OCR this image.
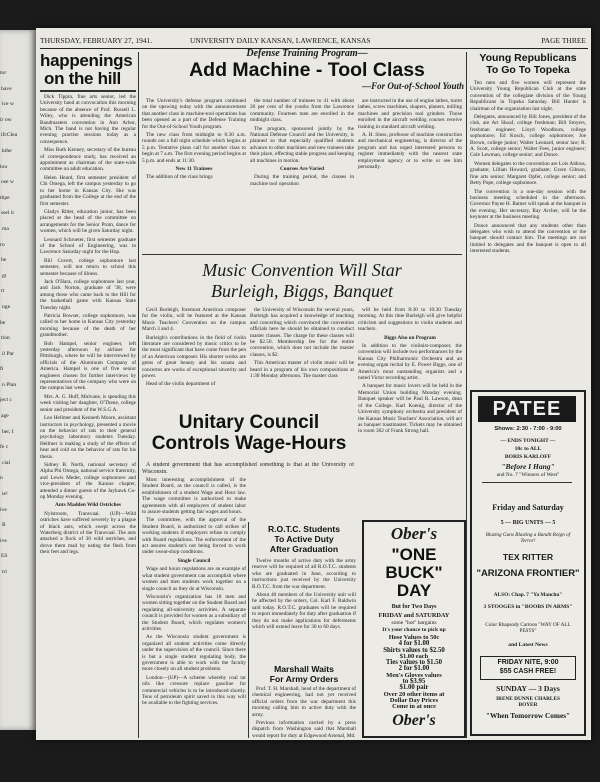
tor
have
ice w
ir ow
ifcClea
kthe
lou
ose w
thpe
ssel ir
ma
ro
be
gt
rt
nge
be
tion
il Par
fi
n Plan
ject c
age
ber, I
fe c
cial
n
ie!
ive
R
ive
ES
tri
THURSDAY, FEBRUARY 27, 1941.	UNIVERSITY DAILY KANSAN, LAWRENCE, KANSAS	PAGE THREE
happenings
on the hill

Dick Tippin, fine arts senior, led the University band at convocation this morning because of the absence of Prof. Russell L. Wiley, who is attending the American Bandmasters convention in Ann Arbor, Mich. The band is not having the regular evening practise sessions today as a consequence.

Miss Ruth Kenney, secretary of the bureau of correspondence study, has received an appointment as chairman of the state-wide committee on adult education.

Helen Heard, first semester president of Chi Omega, left the campus yesterday to go to her home in Kansas City. She was graduated from the College at the end of the first semester.

Gladys Ritter, education junior, has been placed at the head of the committee on arrangements for the Senior Prom, dance for women, which will be given Saturday night.

Leonard Schroeter, first semester graduate of the School of Engineering, was in Lawrence Saturday night for the Hop.

Bill Covert, college sophomore last semester, will not return to school this semester because of illness.

Jack O'Hara, college sophomore last year, and Jack Norton, graduate of '38, were among those who came back to the Hill for the basketball game with Kansas State Tuesday night.

Patricia Bowser, college sophomore, was called to her home in Kansas City yesterday morning because of the death of her grandmother.

Bob Hampel, senior engineer, left yesterday afternoon by airliner for Pittsburgh, where he will be interviewed by officials of the Aluminum Company of America. Hampel is one of five senior engineers chosen for further interviews by representatives of the company who were on the campus last week.

Mrs. A. G. Huff, Mulvane, is spending this week visiting her daughter, O'Thene, college senior and president of the W.S.G.A.

Leo Hellmer and Kenneth Moore, assistant instructors in psychology, presented a movie on the behavior of rats to their general psychology laboratory students Tuesday. Hellmer is making a study of the effects of heat and cold on the behavior of rats for his thesis.

Sidney B. North, national secretary of Alpha Phi Omega, national service fraternity, and Lewis Meder, college sophomore and vice-president of the Kansas chapter, attended a dinner guests of the Jayhawk Co-op Monday evening.

Ants Madden Wild Ostriches

Nylstroom, Transvaal. (UP)—Wild ostriches have suffered severely by a plague of black ants, which swept across the Waterberg district of the Transvaal. The ants attacked a flock of 30 wild ostriches, and drove them mad by eating the flesh from their feet and legs.

Defense Training Program—
Add Machine - Tool Class
—For Out-of-School Youth

The University's defense program continued on the upswing today with the announcement that another class in machine-tool operations has been opened as a part of the Defense Training for the Out-of-School Youth program.

The new class from midnight to 6:30 a.m. rounds out a full night schedule which begins at 5 p.m. Tentative plans call for another class to begin at 7 a.m. The first evening period begins at 5 p.m. and ends at 11:30.

New 11 Trainees

The addition of the class brings

the total number of trainees to 41 with about 20 per cent of the youths from the Lawrence community. Fourteen men are enrolled in the midnight class.

The program, sponsored jointly by the National Defense Council and the University, is planned so that especially qualified students advance to other machines and new trainees take their place, effecting stable progress and keeping all machines in motion.

Courses Are Varied

During the training period, the classes in machine tool operation

are instructed in the use of engine lathes, turret lathes, screw machines, shapers, planers, milling machines and precision tool grinders. Those enrolled in the aircraft welding courses receive training in standard aircraft welding.

A. H. Sluss, professor of machine construction and mechanical engineering, is director of the program and has urged interested persons to register immediately with the nearest state employment agency or to write or see him personally.

Music Convention Will Star
Burleigh, Biggs, Banquet

Cecil Burleigh, foremost American composer for the violin, will be featured at the Kansas Music Teachers' Convention on the campus March 3 and 4.

Burleigh's contributions in the field of violin literature are considered by music critics to be the most significant that have come from the pen of an American composer. His shorter works are gems of great beauty and his sonata and concertos are works of exceptional sincerity and power.

Head of the violin department of

the University of Wisconsin for several years, Burleigh has acquired a knowledge of teaching and concerting which convinced the convention officials here he should be obtained to conduct master classes. The charge for these classes will be $2.50. Membership fee for the entire convention, which does not include the master classes, is $2.

This American master of violin music will be heard in a program of his own compositions at 1:30 Monday afternoon. The master class

will be held from 8:30 to 10:30 Tuesday morning. At this time Burleigh will give helpful criticism and suggestions to violin students and teachers.

Biggs Also on Program

In addition to the violinist-composer, the convention will include two performances by the Kansas City Philharmonic Orchestra and an evening organ recital by E. Power Biggs, one of America's most outstanding organists and a noted Victor recording artist.

A banquet for music lovers will be held in the Memorial Union building Monday evening. Banquet speaker will be Paul R. Lawson, dean of the College. Karl Koenig, director of the University symphony orchestra and president of the Kansas Music Teachers' Association, will act as banquet toastmaster. Tickets may be obtained in room 302 of Frank Strong hall.

Unitary Council
Controls Wage-Hours

A student government that has accomplished something is that at the University of Wisconsin.

Most interesting accomplishment of the Student Board, as the council is called, is the establishment of a student Wage and Hour law. The wage committee is authorized to make agreements with all employers of student labor to assure students getting fair wages and hours.

The committee, with the approval of the Student Board, is authorized to call strikes of working students if employers refuse to comply with Board regulations. The enforcement of the act assures student's not being forced to work under sweat-shop conditions.

Single Council

Wage and hours regulations are an example of what student government can accomplish where women and men students work together on a single council as they do at Wisconsin.

Wisconsin's organization has 18 men and women sitting together on the Student Board and regulating all-university activities. A separate council is provided for women as a subsidiary of the Student Board, which regulates women's activities.

As the Wisconsin student government is organized all student activities come directly under the supervision of the council. Since there is but a single student regulating body, the government is able to work with the faculty more closely on all student problems.

London—(UP)—A scheme whereby coal tar oils like creosote replace gasoline for commercial vehicles is to be introduced shortly. Tens of petroleum spirit saved in this way will be available to the fighting services.

R.O.T.C. Students
To Active Duty
After Graduation

Twelve months of active duty with the army reserve will be required of all R.O.T.C. students who are graduated in June, according to instructions just received by the University R.O.T.C. from the war department.

About 40 members of the University unit will be affected by the orders, Col. Karl F. Baldwin said today. R.O.T.C. graduates will be required to report immediately for duty after graduation if they do not make applications for deferments which will extend leave for 30 to 60 days.

Marshall Waits
For Army Orders

Prof. T. H. Marshall, head of the department of chemical engineering, had not yet received official orders from the war department this morning calling him to active duty with the army.

Previous information carried by a press dispatch from Washington said that Marshall would report for duty at Edgewood Arsenal, Md.

Ober's
"ONE
BUCK"
DAY
But for Two Days
FRIDAY and SATURDAY
some "hot" bargains
It's your chance to pick up
Hose Values to 50c
4 for $1.00
Shirts values to $2.50
$1.00 each
Ties values to $1.50
2 for $1.00
Men's Gloves values
to $3.95
$1.00 pair
Over 20 other items at
Dollar Day Prices
Come in at once
Ober's
Young Republicans
To Go To Topeka

Ten men and five women will represent the University Young Republican Club at the state convention of the collegiate division of the Young Republicans in Topeka Saturday. Bill Hunter is chairman of the organization last night.

Delegates, announced by Bill Jones, president of the club, are Art Shoaf, college freshman; Bill Smyers, freshman engineer; Lloyd Woodburn, college sophomore; Ed Kosch, college sophomore; Joe Brown, college junior; Walter Leonard, senior law; R. A. Scott, college senior; Walter Fees, junior engineer; Cole Lewman, college senior; and Donce.

Women delegates to the convention are Lois Aldous, graduate; Lillian Howard, graduate; Grace Gibson, fine arts senior; Margaret Opfer, college senior; and Betty Pope, college sophomore.

The convention is a one-day session with the business meeting scheduled in the afternoon. Governor Payne H. Ratner will speak at the banquet in the evening. Her secretary, Ray Archer, will be the keynoter at the business meeting.

Donce announced that any students other than delegates who wish to attend the convention or the banquet should contact him. The meetings are not limited to delegates and the banquet is open to all interested students.

PATEE
Shows: 2:30 - 7:00 - 9:00
— ENDS TONIGHT —
10c to ALL
BORIS KARLOFF
"Before I Hang"
and No. 7 "Winners of West"
Friday and Saturday
5 — BIG UNITS — 5
Blazing Guns Blasting a Bandit Reign of Terror!
TEX RITTER
"ARIZONA FRONTIER"
ALSO: Chap. 7 "Ya Manchu"
3 STOOGES in "BOOBS IN ARMS"
Color Rhapsody Cartoon "WAY OF ALL PESTS"
and Latest News
FRIDAY NITE, 9:00
$55 CASH FREE!
SUNDAY — 3 Days
IRENE DUNNE CHARLES BOYER
"When Tomorrow Comes"
